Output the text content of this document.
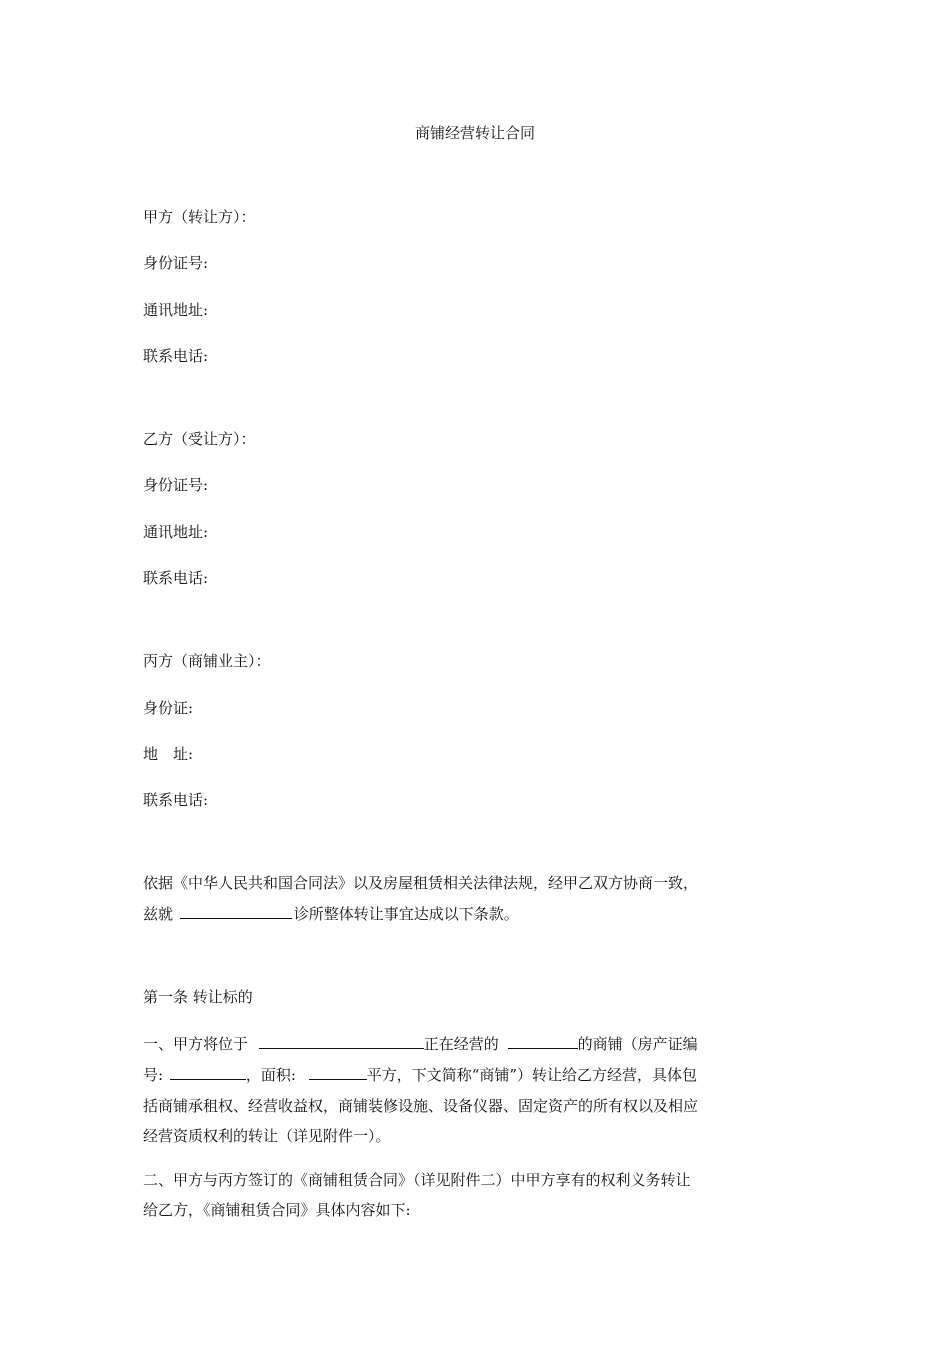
商铺经营转让合同
甲方（转让方）：
身份证号:
通讯地址:
联系电话:
乙方（受让方）：
身份证号:
通讯地址:
联系电话:
丙方（商铺业主）：
身份证:
地　址:
联系电话:
依据《中华人民共和国合同法》以及房屋租赁相关法律法规，经甲乙双方协商一致，
兹就	诊所整体转让事宜达成以下条款。
第一条 转让标的
一、甲方将位于	正在经营的	的商铺（房产证编
号:	，面积:	平方，下文简称“商铺”）转让给乙方经营，具体包
括商铺承租权、经营收益权，商铺装修设施、设备仪器、固定资产的所有权以及相应
经营资质权利的转让（详见附件一）。
二、甲方与丙方签订的《商铺租赁合同》（详见附件二）中甲方享有的权利义务转让
给乙方，《商铺租赁合同》具体内容如下:
